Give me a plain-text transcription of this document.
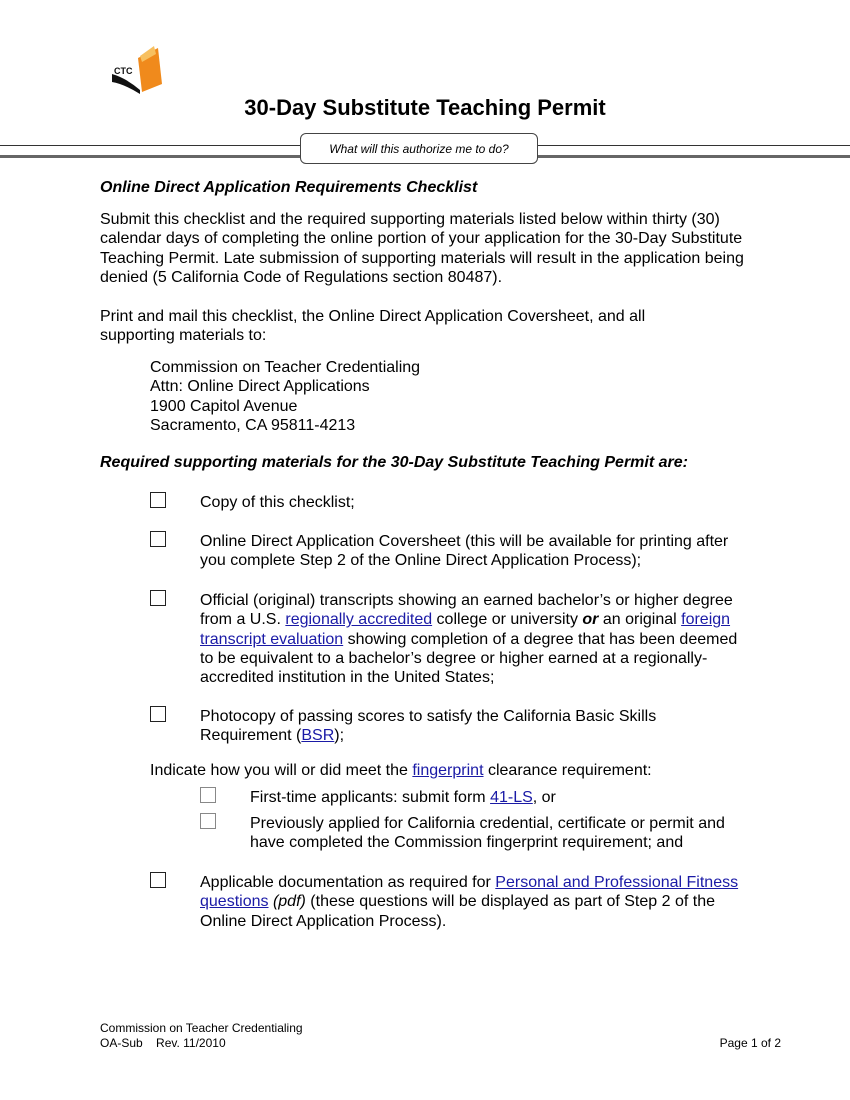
CTC
30-Day Substitute Teaching Permit
What will this authorize me to do?
Online Direct Application Requirements Checklist
Submit this checklist and the required supporting materials listed below within thirty (30) calendar days of completing the online portion of your application for the 30-Day Substitute Teaching Permit. Late submission of supporting materials will result in the application being denied (5 California Code of Regulations section 80487).
Print and mail this checklist, the Online Direct Application Coversheet, and all supporting materials to:
Commission on Teacher Credentialing
Attn: Online Direct Applications
1900 Capitol Avenue
Sacramento, CA 95811-4213
Required supporting materials for the 30-Day Substitute Teaching Permit are:
Copy of this checklist;
Online Direct Application Coversheet (this will be available for printing after you complete Step 2 of the Online Direct Application Process);
Official (original) transcripts showing an earned bachelor’s or higher degree from a U.S. regionally accredited college or university or an original foreign transcript evaluation showing completion of a degree that has been deemed to be equivalent to a bachelor’s degree or higher earned at a regionally-accredited institution in the United States;
Photocopy of passing scores to satisfy the California Basic Skills Requirement (BSR);
Indicate how you will or did meet the fingerprint clearance requirement:
First-time applicants: submit form 41-LS, or
Previously applied for California credential, certificate or permit and have completed the Commission fingerprint requirement; and
Applicable documentation as required for Personal and Professional Fitness questions (pdf) (these questions will be displayed as part of Step 2 of the Online Direct Application Process).
Commission on Teacher Credentialing
OA-Sub    Rev. 11/2010	Page 1 of 2
